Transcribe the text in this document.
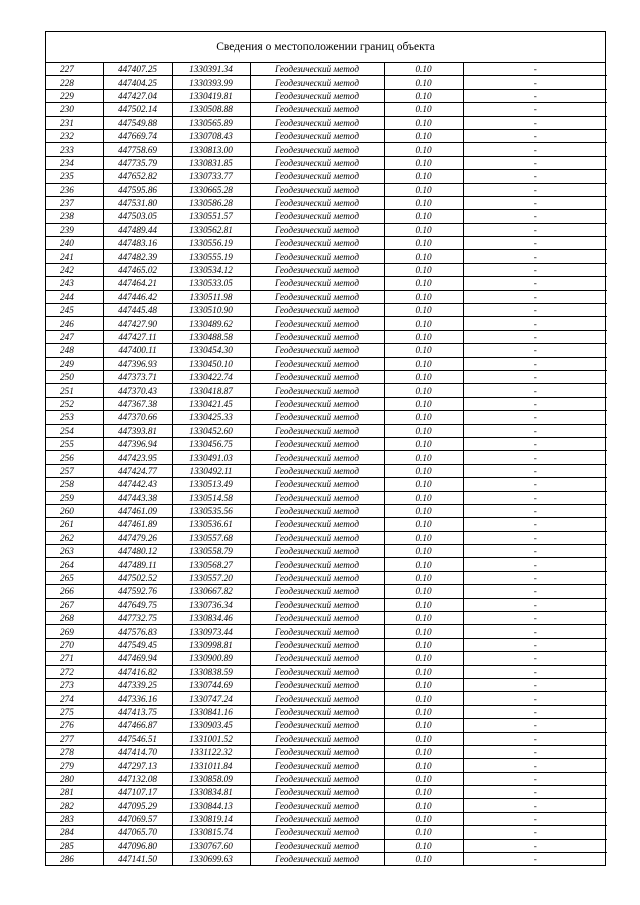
Сведения о местоположении границ объекта
227	447407.25	1330391.34	Геодезический метод	0.10	-
228	447404.25	1330393.99	Геодезический метод	0.10	-
229	447427.04	1330419.81	Геодезический метод	0.10	-
230	447502.14	1330508.88	Геодезический метод	0.10	-
231	447549.88	1330565.89	Геодезический метод	0.10	-
232	447669.74	1330708.43	Геодезический метод	0.10	-
233	447758.69	1330813.00	Геодезический метод	0.10	-
234	447735.79	1330831.85	Геодезический метод	0.10	-
235	447652.82	1330733.77	Геодезический метод	0.10	-
236	447595.86	1330665.28	Геодезический метод	0.10	-
237	447531.80	1330586.28	Геодезический метод	0.10	-
238	447503.05	1330551.57	Геодезический метод	0.10	-
239	447489.44	1330562.81	Геодезический метод	0.10	-
240	447483.16	1330556.19	Геодезический метод	0.10	-
241	447482.39	1330555.19	Геодезический метод	0.10	-
242	447465.02	1330534.12	Геодезический метод	0.10	-
243	447464.21	1330533.05	Геодезический метод	0.10	-
244	447446.42	1330511.98	Геодезический метод	0.10	-
245	447445.48	1330510.90	Геодезический метод	0.10	-
246	447427.90	1330489.62	Геодезический метод	0.10	-
247	447427.11	1330488.58	Геодезический метод	0.10	-
248	447400.11	1330454.30	Геодезический метод	0.10	-
249	447396.93	1330450.10	Геодезический метод	0.10	-
250	447373.71	1330422.74	Геодезический метод	0.10	-
251	447370.43	1330418.87	Геодезический метод	0.10	-
252	447367.38	1330421.45	Геодезический метод	0.10	-
253	447370.66	1330425.33	Геодезический метод	0.10	-
254	447393.81	1330452.60	Геодезический метод	0.10	-
255	447396.94	1330456.75	Геодезический метод	0.10	-
256	447423.95	1330491.03	Геодезический метод	0.10	-
257	447424.77	1330492.11	Геодезический метод	0.10	-
258	447442.43	1330513.49	Геодезический метод	0.10	-
259	447443.38	1330514.58	Геодезический метод	0.10	-
260	447461.09	1330535.56	Геодезический метод	0.10	-
261	447461.89	1330536.61	Геодезический метод	0.10	-
262	447479.26	1330557.68	Геодезический метод	0.10	-
263	447480.12	1330558.79	Геодезический метод	0.10	-
264	447489.11	1330568.27	Геодезический метод	0.10	-
265	447502.52	1330557.20	Геодезический метод	0.10	-
266	447592.76	1330667.82	Геодезический метод	0.10	-
267	447649.75	1330736.34	Геодезический метод	0.10	-
268	447732.75	1330834.46	Геодезический метод	0.10	-
269	447576.83	1330973.44	Геодезический метод	0.10	-
270	447549.45	1330998.81	Геодезический метод	0.10	-
271	447469.94	1330900.89	Геодезический метод	0.10	-
272	447416.82	1330838.59	Геодезический метод	0.10	-
273	447339.25	1330744.69	Геодезический метод	0.10	-
274	447336.16	1330747.24	Геодезический метод	0.10	-
275	447413.75	1330841.16	Геодезический метод	0.10	-
276	447466.87	1330903.45	Геодезический метод	0.10	-
277	447546.51	1331001.52	Геодезический метод	0.10	-
278	447414.70	1331122.32	Геодезический метод	0.10	-
279	447297.13	1331011.84	Геодезический метод	0.10	-
280	447132.08	1330858.09	Геодезический метод	0.10	-
281	447107.17	1330834.81	Геодезический метод	0.10	-
282	447095.29	1330844.13	Геодезический метод	0.10	-
283	447069.57	1330819.14	Геодезический метод	0.10	-
284	447065.70	1330815.74	Геодезический метод	0.10	-
285	447096.80	1330767.60	Геодезический метод	0.10	-
286	447141.50	1330699.63	Геодезический метод	0.10	-
